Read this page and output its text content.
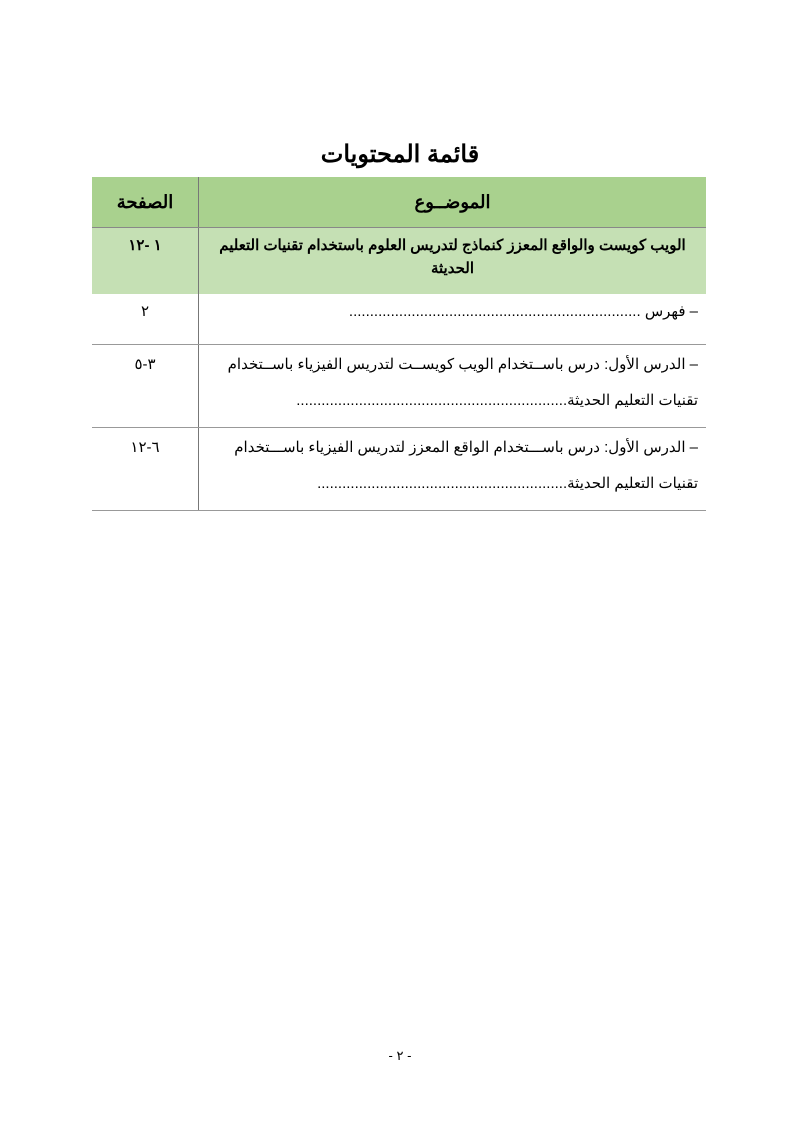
قائمة المحتويات
الموضــوع	الصفحة
الويب كويست والواقع المعزز كنماذج لتدريس العلوم باستخدام تقنيات التعليم الحديثة	١ -١٢
– فهرس ......................................................................	٢
– الدرس الأول: درس باســتخدام الويب كويســت لتدريس الفيزياء باســتخدام تقنيات التعليم الحديثة.................................................................	٣-٥
– الدرس الأول: درس باســـتخدام الواقع المعزز لتدريس الفيزياء باســـتخدام تقنيات التعليم الحديثة............................................................	٦-١٢
- ٢ -
